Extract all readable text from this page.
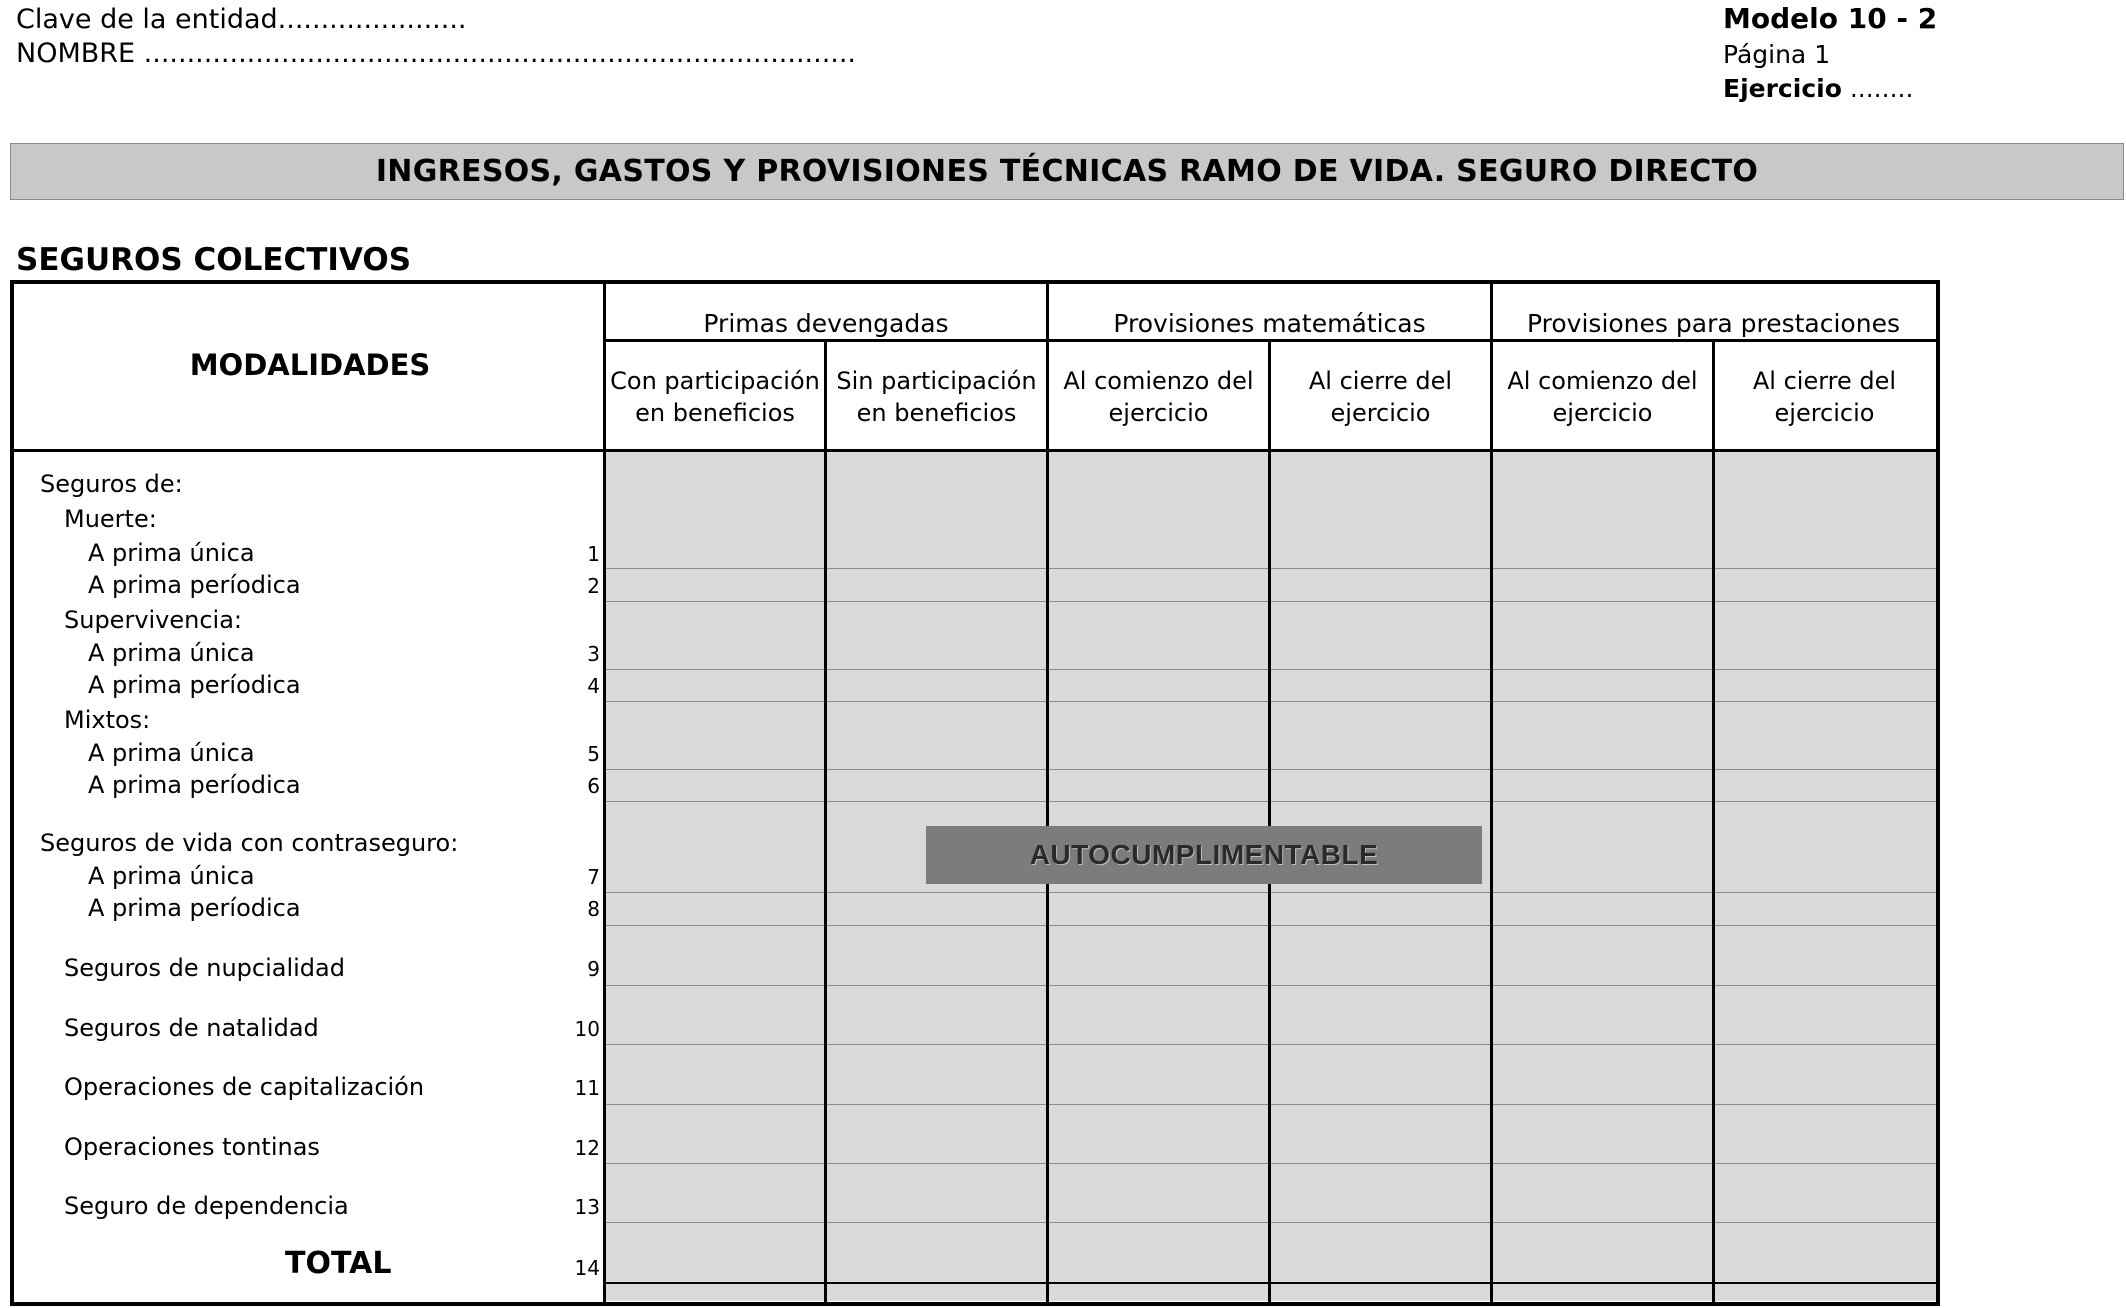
Clave de la entidad......................
NOMBRE ...................................................................................
Modelo 10 - 2
Página 1
Ejercicio ........
INGRESOS, GASTOS Y PROVISIONES TÉCNICAS RAMO DE VIDA. SEGURO DIRECTO
SEGUROS COLECTIVOS
MODALIDADES
Primas devengadas	Provisiones matemáticas	Provisiones para prestaciones
Con participación
en beneficios
Sin participación
en beneficios
Al comienzo del
ejercicio
Al cierre del
ejercicio
Al comienzo del
ejercicio
Al cierre del
ejercicio
Seguros de:
Muerte:
A prima única	1
A prima períodica	2
Supervivencia:
A prima única	3
A prima períodica	4
Mixtos:
A prima única	5
A prima períodica	6
Seguros de vida con contraseguro:
A prima única	7
A prima períodica	8
Seguros de nupcialidad	9
Seguros de natalidad	10
Operaciones de capitalización	11
Operaciones tontinas	12
Seguro de dependencia	13
TOTAL	14
AUTOCUMPLIMENTABLE
